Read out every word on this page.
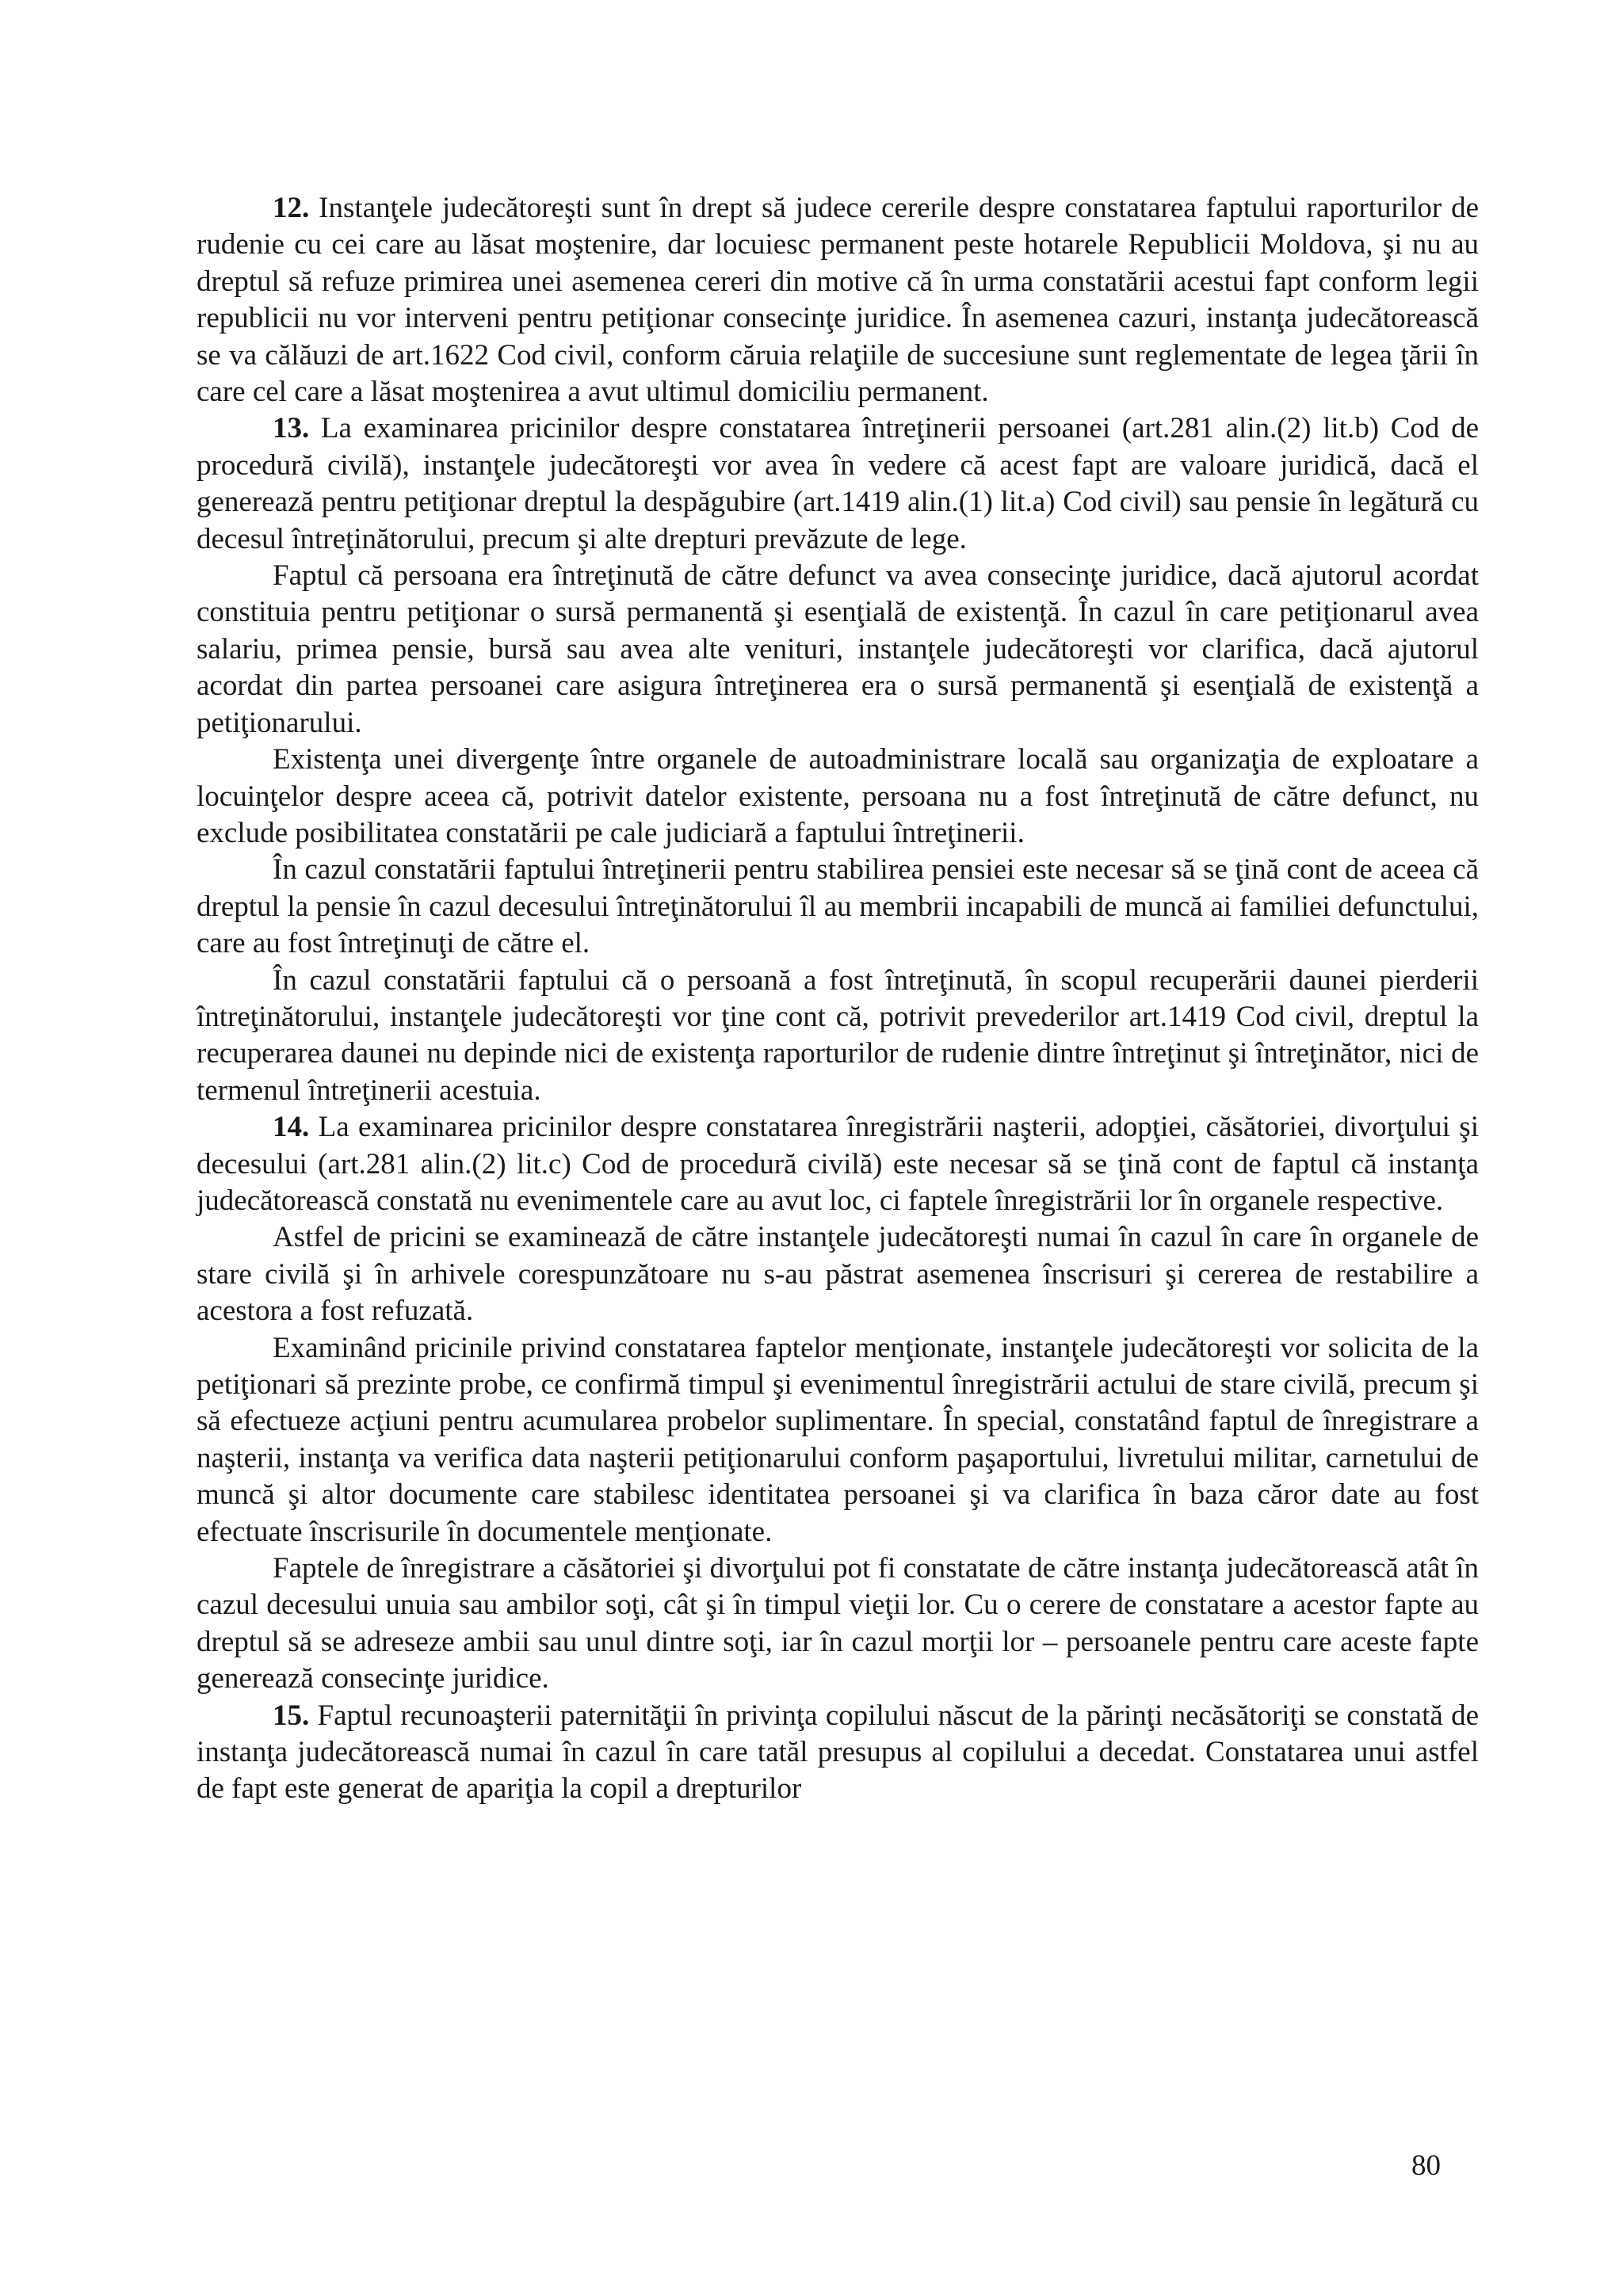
12. Instanţele judecătoreşti sunt în drept să judece cererile despre constatarea faptului raporturilor de rudenie cu cei care au lăsat moştenire, dar locuiesc permanent peste hotarele Republicii Moldova, şi nu au dreptul să refuze primirea unei asemenea cereri din motive că în urma constatării acestui fapt conform legii republicii nu vor interveni pentru petiţionar consecinţe juridice. În asemenea cazuri, instanţa judecătorească se va călăuzi de art.1622 Cod civil, conform căruia relaţiile de succesiune sunt reglementate de legea ţării în care cel care a lăsat moştenirea a avut ultimul domiciliu permanent.

13. La examinarea pricinilor despre constatarea întreţinerii persoanei (art.281 alin.(2) lit.b) Cod de procedură civilă), instanţele judecătoreşti vor avea în vedere că acest fapt are valoare juridică, dacă el generează pentru petiţionar dreptul la despăgubire (art.1419 alin.(1) lit.a) Cod civil) sau pensie în legătură cu decesul întreţinătorului, precum şi alte drepturi prevăzute de lege.

Faptul că persoana era întreţinută de către defunct va avea consecinţe juridice, dacă ajutorul acordat constituia pentru petiţionar o sursă permanentă şi esenţială de existenţă. În cazul în care petiţionarul avea salariu, primea pensie, bursă sau avea alte venituri, instanţele judecătoreşti vor clarifica, dacă ajutorul acordat din partea persoanei care asigura întreţinerea era o sursă permanentă şi esenţială de existenţă a petiţionarului.

Existenţa unei divergenţe între organele de autoadministrare locală sau organizaţia de exploatare a locuinţelor despre aceea că, potrivit datelor existente, persoana nu a fost întreţinută de către defunct, nu exclude posibilitatea constatării pe cale judiciară a faptului întreţinerii.

În cazul constatării faptului întreţinerii pentru stabilirea pensiei este necesar să se ţină cont de aceea că dreptul la pensie în cazul decesului întreţinătorului îl au membrii incapabili de muncă ai familiei defunctului, care au fost întreţinuţi de către el.

În cazul constatării faptului că o persoană a fost întreţinută, în scopul recuperării daunei pierderii întreţinătorului, instanţele judecătoreşti vor ţine cont că, potrivit prevederilor art.1419 Cod civil, dreptul la recuperarea daunei nu depinde nici de existenţa raporturilor de rudenie dintre întreţinut şi întreţinător, nici de termenul întreţinerii acestuia.

14. La examinarea pricinilor despre constatarea înregistrării naşterii, adopţiei, căsătoriei, divorţului şi decesului (art.281 alin.(2) lit.c) Cod de procedură civilă) este necesar să se ţină cont de faptul că instanţa judecătorească constată nu evenimentele care au avut loc, ci faptele înregistrării lor în organele respective.

Astfel de pricini se examinează de către instanţele judecătoreşti numai în cazul în care în organele de stare civilă şi în arhivele corespunzătoare nu s-au păstrat asemenea înscrisuri şi cererea de restabilire a acestora a fost refuzată.

Examinând pricinile privind constatarea faptelor menţionate, instanţele judecătoreşti vor solicita de la petiţionari să prezinte probe, ce confirmă timpul şi evenimentul înregistrării actului de stare civilă, precum şi să efectueze acţiuni pentru acumularea probelor suplimentare. În special, constatând faptul de înregistrare a naşterii, instanţa va verifica data naşterii petiţionarului conform paşaportului, livretului militar, carnetului de muncă şi altor documente care stabilesc identitatea persoanei şi va clarifica în baza căror date au fost efectuate înscrisurile în documentele menţionate.

Faptele de înregistrare a căsătoriei şi divorţului pot fi constatate de către instanţa judecătorească atât în cazul decesului unuia sau ambilor soţi, cât şi în timpul vieţii lor. Cu o cerere de constatare a acestor fapte au dreptul să se adreseze ambii sau unul dintre soţi, iar în cazul morţii lor – persoanele pentru care aceste fapte generează consecinţe juridice.

15. Faptul recunoaşterii paternităţii în privinţa copilului născut de la părinţi necăsătoriţi se constată de instanţa judecătorească numai în cazul în care tatăl presupus al copilului a decedat. Constatarea unui astfel de fapt este generat de apariţia la copil a drepturilor

80
